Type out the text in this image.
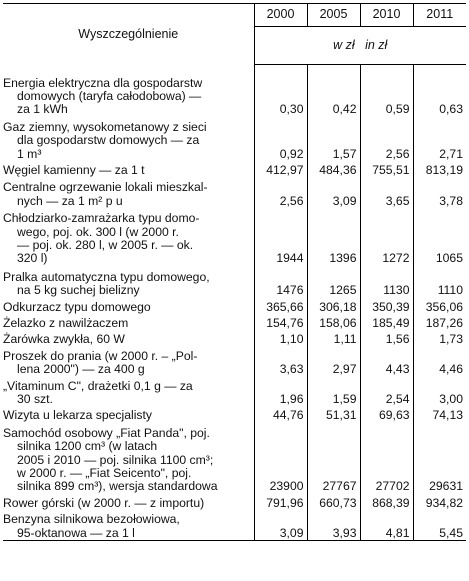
Wyszczególnienie	2000	2005	2010	2011
	w zł   in zł			

Energia elektryczna dla gospodarstw
domowych (taryfa całodobowa) —
za 1 kWh	0,30	0,42	0,59	0,63

Gaz ziemny, wysokometanowy z sieci
dla gospodarstw domowych — za
1 m³	0,92	1,57	2,56	2,71

Węgiel kamienny — za 1 t	412,97	484,36	755,51	813,19

Centralne ogrzewanie lokali mieszkal-
nych — za 1 m² p u	2,56	3,09	3,65	3,78

Chłodziarko-zamrażarka typu domo-
wego, poj. ok. 300 l (w 2000 r.
— poj. ok. 280 l, w 2005 r. — ok.
320 l)	1944	1396	1272	1065

Pralka automatyczna typu domowego,
na 5 kg suchej bielizny	1476	1265	1130	1110

Odkurzacz typu domowego	365,66	306,18	350,39	356,06

Żelazko z nawilżaczem	154,76	158,06	185,49	187,26

Żarówka zwykła, 60 W	1,10	1,11	1,56	1,73

Proszek do prania (w 2000 r. – „Pol-
lena 2000") — za 400 g	3,63	2,97	4,43	4,46

„Vitaminum C", drażetki 0,1 g — za
30 szt.	1,96	1,59	2,54	3,00

Wizyta u lekarza specjalisty	44,76	51,31	69,63	74,13

Samochód osobowy „Fiat Panda", poj.
silnika 1200 cm³ (w latach
2005 i 2010 — poj. silnika 1100 cm³;
w 2000 r. — „Fiat Seicento", poj.
silnika 899 cm³), wersja standardowa	23900	27767	27702	29631

Rower górski (w 2000 r. — z importu)	791,96	660,73	868,39	934,82

Benzyna silnikowa bezołowiowa,
95-oktanowa — za 1 l	3,09	3,93	4,81	5,45
